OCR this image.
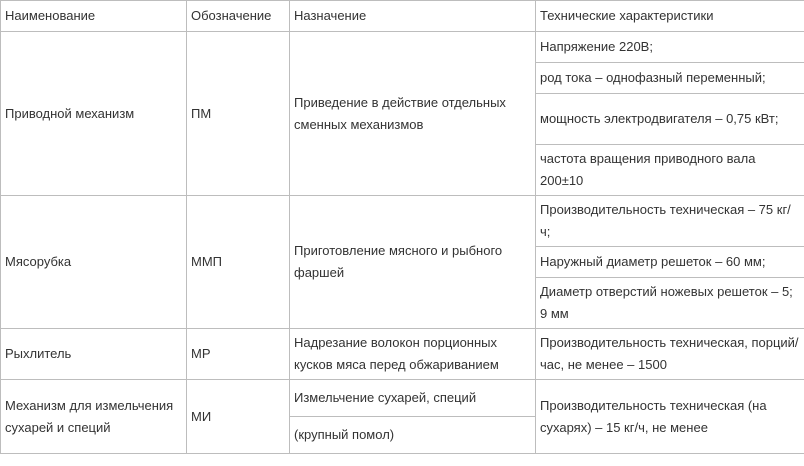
Наименование	Обозначение	Назначение	Технические характеристики
Приводной механизм	ПМ	Приведение в действие отдельных сменных механизмов	Напряжение 220В;
			род тока – однофазный переменный;
			мощность электродвигателя – 0,75 кВт;
			частота вращения приводного вала 200±10
Мясорубка	ММП	Приготовление мясного и рыбного фаршей	Производительность техническая – 75 кг/ч;
			Наружный диаметр решеток – 60 мм;
			Диаметр отверстий ножевых решеток – 5; 9 мм
Рыхлитель	МР	Надрезание волокон порционных кусков мяса перед обжариванием	Производительность техническая, порций/час, не менее – 1500
Механизм для измельчения сухарей и специй	МИ	Измельчение сухарей, специй	Производительность техническая (на сухарях) – 15 кг/ч, не менее
		(крупный помол)	
